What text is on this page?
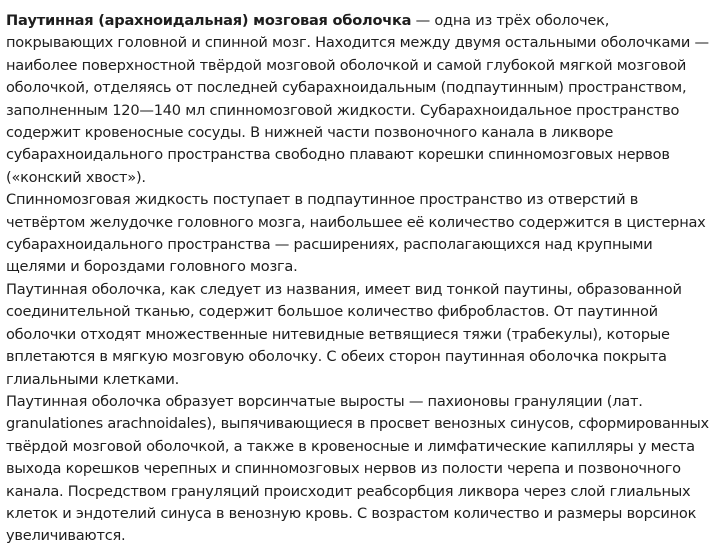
Паутинная (арахноидальная) мозговая оболочка — одна из трёх оболочек, покрывающих головной и спинной мозг. Находится между двумя остальными оболочками — наиболее поверхностной твёрдой мозговой оболочкой и самой глубокой мягкой мозговой оболочкой, отделяясь от последней субарахноидальным (подпаутинным) пространством, заполненным 120—140 мл спинномозговой жидкости. Субарахноидальное пространство содержит кровеносные сосуды. В нижней части позвоночного канала в ликворе субарахноидального пространства свободно плавают корешки спинномозговых нервов («конский хвост»).

Спинномозговая жидкость поступает в подпаутинное пространство из отверстий в четвёртом желудочке головного мозга, наибольшее её количество содержится в цистернах субарахноидального пространства — расширениях, располагающихся над крупными щелями и бороздами головного мозга.

Паутинная оболочка, как следует из названия, имеет вид тонкой паутины, образованной соединительной тканью, содержит большое количество фибробластов. От паутинной оболочки отходят множественные нитевидные ветвящиеся тяжи (трабекулы), которые вплетаются в мягкую мозговую оболочку. С обеих сторон паутинная оболочка покрыта глиальными клетками.

Паутинная оболочка образует ворсинчатые выросты — пахионовы грануляции (лат. granulationes arachnoidales), выпячивающиеся в просвет венозных синусов, сформированных твёрдой мозговой оболочкой, а также в кровеносные и лимфатические капилляры у места выхода корешков черепных и спинномозговых нервов из полости черепа и позвоночного канала. Посредством грануляций происходит реабсорбция ликвора через слой глиальных клеток и эндотелий синуса в венозную кровь. С возрастом количество и размеры ворсинок увеличиваются.
